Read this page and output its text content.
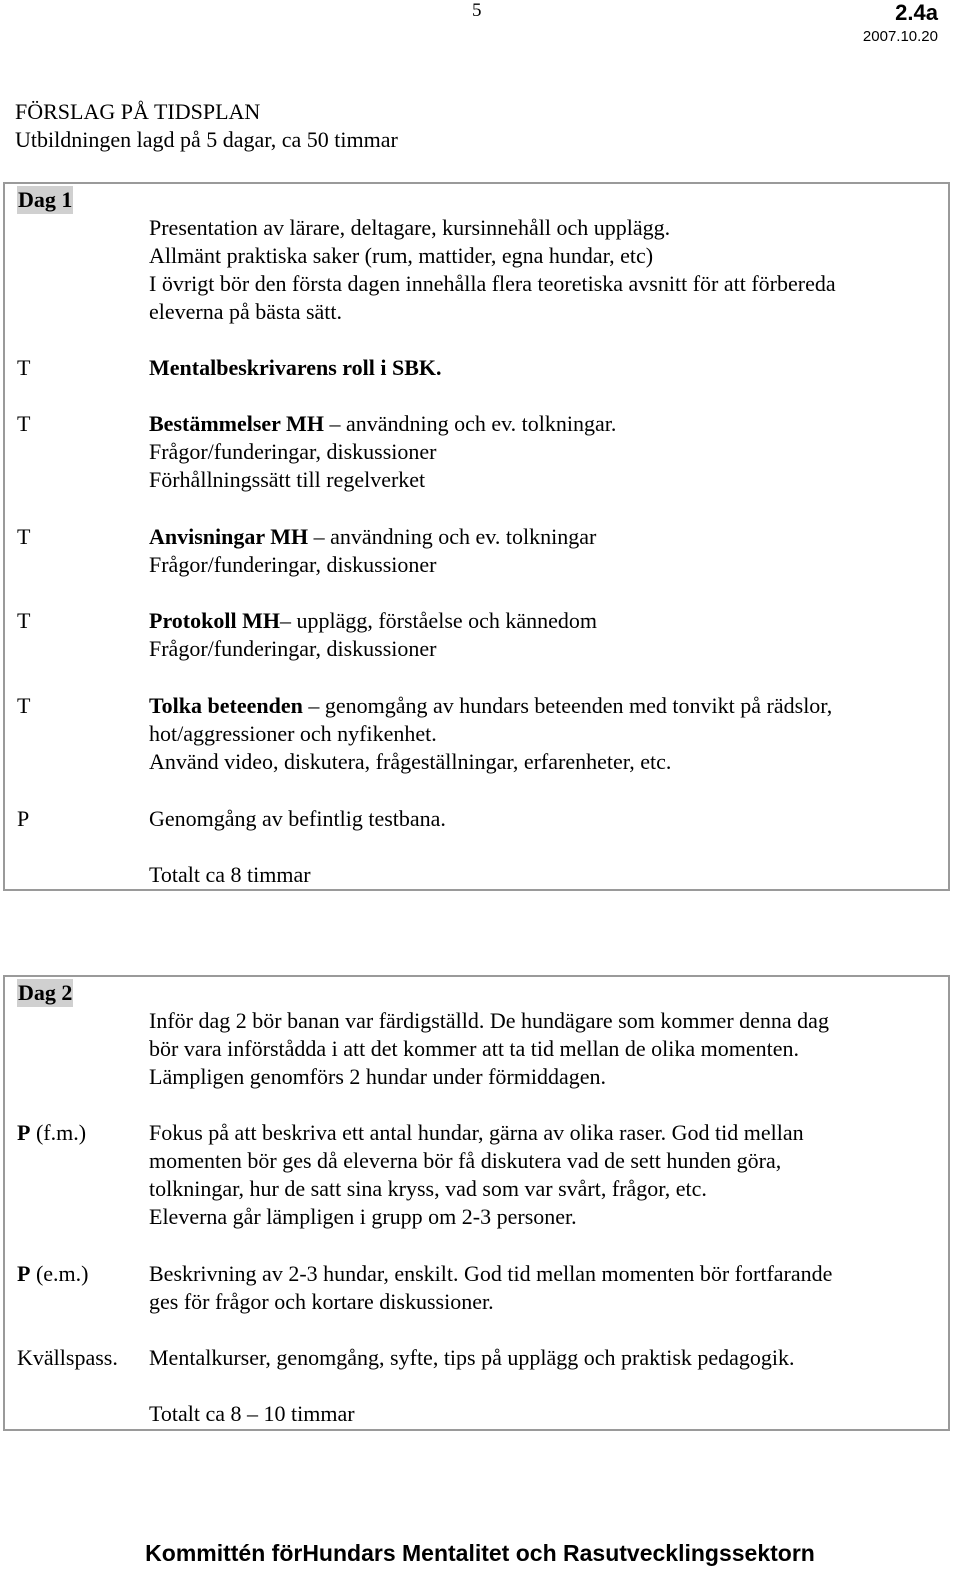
5	2.4a
2007.10.20
FÖRSLAG PÅ TIDSPLAN
Utbildningen lagd på 5 dagar, ca 50 timmar
Dag 1
Presentation av lärare, deltagare, kursinnehåll och upplägg.
Allmänt praktiska saker (rum, mattider, egna hundar, etc)
I övrigt bör den första dagen innehålla flera teoretiska avsnitt för att förbereda
eleverna på bästa sätt.
T	Mentalbeskrivarens roll i SBK.
T	Bestämmelser MH – användning och ev. tolkningar.
Frågor/funderingar, diskussioner
Förhållningssätt till regelverket
T	Anvisningar MH – användning och ev. tolkningar
Frågor/funderingar, diskussioner
T	Protokoll MH– upplägg, förståelse och kännedom
Frågor/funderingar, diskussioner
T	Tolka beteenden – genomgång av hundars beteenden med tonvikt på rädslor,
hot/aggressioner och nyfikenhet.
Använd video, diskutera, frågeställningar, erfarenheter, etc.
P	Genomgång av befintlig testbana.
Totalt ca 8 timmar
Dag 2
Inför dag 2 bör banan var färdigställd. De hundägare som kommer denna dag
bör vara införstådda i att det kommer att ta tid mellan de olika momenten.
Lämpligen genomförs 2 hundar under förmiddagen.
P (f.m.)	Fokus på att beskriva ett antal hundar, gärna av olika raser. God tid mellan
momenten bör ges då eleverna bör få diskutera vad de sett hunden göra,
tolkningar, hur de satt sina kryss, vad som var svårt, frågor, etc.
Eleverna går lämpligen i grupp om 2-3 personer.
P (e.m.)	Beskrivning av 2-3 hundar, enskilt. God tid mellan momenten bör fortfarande
ges för frågor och kortare diskussioner.
Kvällspass. Mentalkurser, genomgång, syfte, tips på upplägg och praktisk pedagogik.
Totalt ca 8 – 10 timmar
Kommittén förHundars Mentalitet och Rasutvecklingssektorn
